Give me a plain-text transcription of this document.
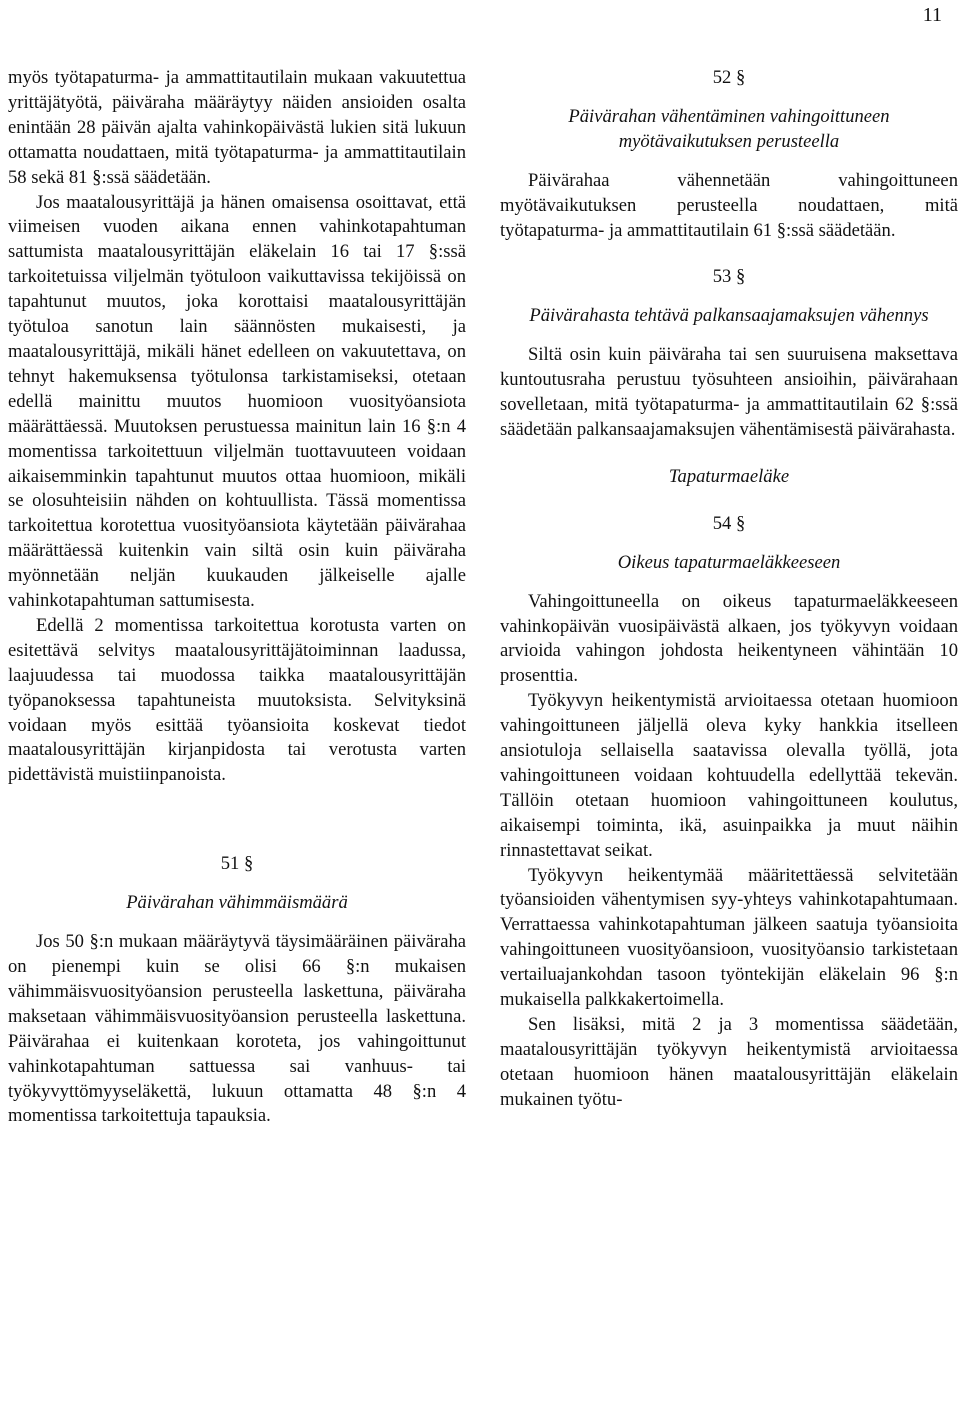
11

myös työtapaturma- ja ammattitautilain mukaan vakuutettua yrittäjätyötä, päiväraha määräytyy näiden ansioiden osalta enintään 28 päivän ajalta vahinkopäivästä lukien sitä lukuun ottamatta noudattaen, mitä työtapaturma- ja ammattitautilain 58 sekä 81 §:ssä säädetään.

Jos maatalousyrittäjä ja hänen omaisensa osoittavat, että viimeisen vuoden aikana ennen vahinkotapahtuman sattumista maatalousyrittäjän eläkelain 16 tai 17 §:ssä tarkoitetuissa viljelmän työtuloon vaikuttavissa tekijöissä on tapahtunut muutos, joka korottaisi maatalousyrittäjän työtuloa sanotun lain säännösten mukaisesti, ja maatalousyrittäjä, mikäli hänet edelleen on vakuutettava, on tehnyt hakemuksensa työtulonsa tarkistamiseksi, otetaan edellä mainittu muutos huomioon vuosityöansiota määrättäessä. Muutoksen perustuessa mainitun lain 16 §:n 4 momentissa tarkoitettuun viljelmän tuottavuuteen voidaan aikaisemminkin tapahtunut muutos ottaa huomioon, mikäli se olosuhteisiin nähden on kohtuullista. Tässä momentissa tarkoitettua korotettua vuosityöansiota käytetään päivärahaa määrättäessä kuitenkin vain siltä osin kuin päiväraha myönnetään neljän kuukauden jälkeiselle ajalle vahinkotapahtuman sattumisesta.

Edellä 2 momentissa tarkoitettua korotusta varten on esitettävä selvitys maatalousyrittäjätoiminnan laadussa, laajuudessa tai muodossa taikka maatalousyrittäjän työpanoksessa tapahtuneista muutoksista. Selvityksinä voidaan myös esittää työansioita koskevat tiedot maatalousyrittäjän kirjanpidosta tai verotusta varten pidettävistä muistiinpanoista.

51 §

Päivärahan vähimmäismäärä

Jos 50 §:n mukaan määräytyvä täysimääräinen päiväraha on pienempi kuin se olisi 66 §:n mukaisen vähimmäisvuosityöansion perusteella laskettuna, päiväraha maksetaan vähimmäisvuosityöansion perusteella laskettuna. Päivärahaa ei kuitenkaan koroteta, jos vahingoittunut vahinkotapahtuman sattuessa sai vanhuus- tai työkyvyttömyyseläkettä, lukuun ottamatta 48 §:n 4 momentissa tarkoitettuja tapauksia.

52 §

Päivärahan vähentäminen vahingoittuneen myötävaikutuksen perusteella

Päivärahaa vähennetään vahingoittuneen myötävaikutuksen perusteella noudattaen, mitä työtapaturma- ja ammattitautilain 61 §:ssä säädetään.

53 §

Päivärahasta tehtävä palkansaajamaksujen vähennys

Siltä osin kuin päiväraha tai sen suuruisena maksettava kuntoutusraha perustuu työsuhteen ansioihin, päivärahaan sovelletaan, mitä työtapaturma- ja ammattitautilain 62 §:ssä säädetään palkansaajamaksujen vähentämisestä päivärahasta.

Tapaturmaeläke

54 §

Oikeus tapaturmaeläkkeeseen

Vahingoittuneella on oikeus tapaturmaeläkkeeseen vahinkopäivän vuosipäivästä alkaen, jos työkyvyn voidaan arvioida vahingon johdosta heikentyneen vähintään 10 prosenttia.

Työkyvyn heikentymistä arvioitaessa otetaan huomioon vahingoittuneen jäljellä oleva kyky hankkia itselleen ansiotuloja sellaisella saatavissa olevalla työllä, jota vahingoittuneen voidaan kohtuudella edellyttää tekevän. Tällöin otetaan huomioon vahingoittuneen koulutus, aikaisempi toiminta, ikä, asuinpaikka ja muut näihin rinnastettavat seikat.

Työkyvyn heikentymää määritettäessä selvitetään työansioiden vähentymisen syy-yhteys vahinkotapahtumaan. Verrattaessa vahinkotapahtuman jälkeen saatuja työansioita vahingoittuneen vuosityöansioon, vuosityöansio tarkistetaan vertailuajankohdan tasoon työntekijän eläkelain 96 §:n mukaisella palkkakertoimella.

Sen lisäksi, mitä 2 ja 3 momentissa säädetään, maatalousyrittäjän työkyvyn heikentymistä arvioitaessa otetaan huomioon hänen maatalousyrittäjän eläkelain mukainen työtu-
